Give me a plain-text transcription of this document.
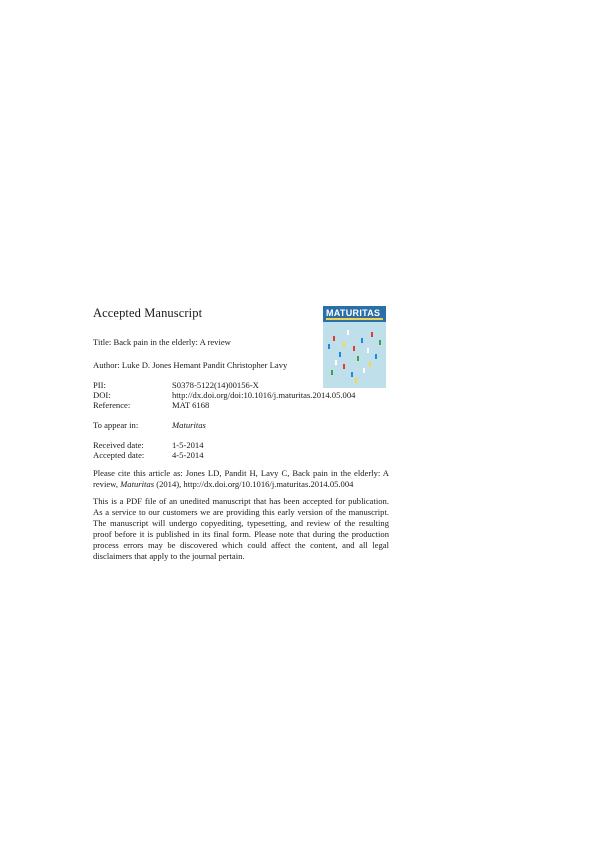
Accepted Manuscript	MATURITAS
Title: Back pain in the elderly: A review
Author: Luke D. Jones Hemant Pandit Christopher Lavy
PII:	S0378-5122(14)00156-X
DOI:	http://dx.doi.org/doi:10.1016/j.maturitas.2014.05.004
Reference:	MAT 6168
To appear in:	Maturitas
Received date:	1-5-2014
Accepted date:	4-5-2014
Please cite this article as: Jones LD, Pandit H, Lavy C, Back pain in the elderly: A review, Maturitas (2014), http://dx.doi.org/10.1016/j.maturitas.2014.05.004
This is a PDF file of an unedited manuscript that has been accepted for publication. As a service to our customers we are providing this early version of the manuscript. The manuscript will undergo copyediting, typesetting, and review of the resulting proof before it is published in its final form. Please note that during the production process errors may be discovered which could affect the content, and all legal disclaimers that apply to the journal pertain.
